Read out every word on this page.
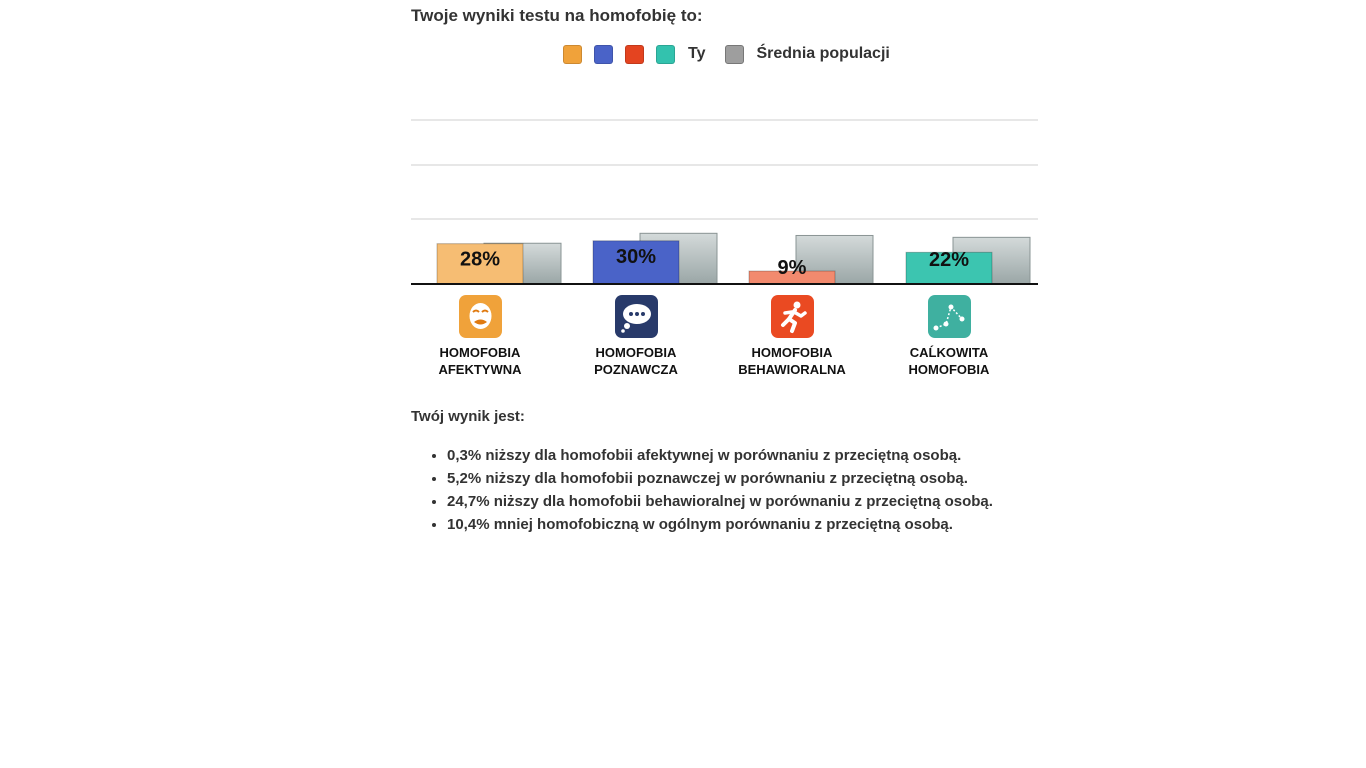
Twoje wyniki testu na homofobię to:
Ty	Średnia populacji
28%	30%
9%	22%
HOMOFOBIA
AFEKTYWNA
HOMOFOBIA
POZNAWCZA
HOMOFOBIA
BEHAWIORALNA
CAĹKOWITA
HOMOFOBIA
Twój wynik jest:
• 0,3% niższy dla homofobii afektywnej w porównaniu z przeciętną osobą.
• 5,2% niższy dla homofobii poznawczej w porównaniu z przeciętną osobą.
• 24,7% niższy dla homofobii behawioralnej w porównaniu z przeciętną osobą.
• 10,4% mniej homofobiczną w ogólnym porównaniu z przeciętną osobą.
